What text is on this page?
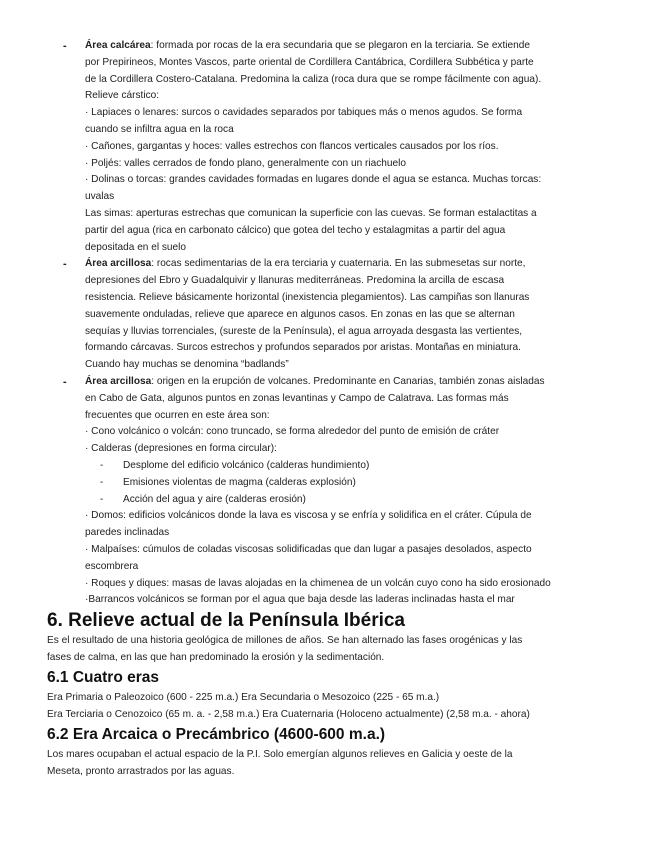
- Área calcárea: formada por rocas de la era secundaria que se plegaron en la terciaria. Se extiende
por Prepirineos, Montes Vascos, parte oriental de Cordillera Cantábrica, Cordillera Subbética y parte
de la Cordillera Costero-Catalana. Predomina la caliza (roca dura que se rompe fácilmente con agua).
Relieve cárstico:
· Lapiaces o lenares: surcos o cavidades separados por tabiques más o menos agudos. Se forma
cuando se infiltra agua en la roca
· Cañones, gargantas y hoces: valles estrechos con flancos verticales causados por los ríos.
· Poljés: valles cerrados de fondo plano, generalmente con un riachuelo
· Dolinas o torcas: grandes cavidades formadas en lugares donde el agua se estanca. Muchas torcas:
uvalas
Las simas: aperturas estrechas que comunican la superficie con las cuevas. Se forman estalactitas a
partir del agua (rica en carbonato cálcico) que gotea del techo y estalagmitas a partir del agua
depositada en el suelo
- Área arcillosa: rocas sedimentarias de la era terciaria y cuaternaria. En las submesetas sur norte,
depresiones del Ebro y Guadalquivir y llanuras mediterráneas. Predomina la arcilla de escasa
resistencia. Relieve básicamente horizontal (inexistencia plegamientos). Las campiñas son llanuras
suavemente onduladas, relieve que aparece en algunos casos. En zonas en las que se alternan
sequías y lluvias torrenciales, (sureste de la Península), el agua arroyada desgasta las vertientes,
formando cárcavas. Surcos estrechos y profundos separados por aristas. Montañas en miniatura.
Cuando hay muchas se denomina “badlands”
- Área arcillosa: origen en la erupción de volcanes. Predominante en Canarias, también zonas aisladas
en Cabo de Gata, algunos puntos en zonas levantinas y Campo de Calatrava. Las formas más
frecuentes que ocurren en este área son:
· Cono volcánico o volcán: cono truncado, se forma alrededor del punto de emisión de cráter
· Calderas (depresiones en forma circular):
- Desplome del edificio volcánico (calderas hundimiento)
- Emisiones violentas de magma (calderas explosión)
- Acción del agua y aire (calderas erosión)
· Domos: edificios volcánicos donde la lava es viscosa y se enfría y solidifica en el cráter. Cúpula de
paredes inclinadas
· Malpaíses: cúmulos de coladas viscosas solidificadas que dan lugar a pasajes desolados, aspecto
escombrera
· Roques y diques: masas de lavas alojadas en la chimenea de un volcán cuyo cono ha sido erosionado
·Barrancos volcánicos se forman por el agua que baja desde las laderas inclinadas hasta el mar
6. Relieve actual de la Península Ibérica
Es el resultado de una historia geológica de millones de años. Se han alternado las fases orogénicas y las
fases de calma, en las que han predominado la erosión y la sedimentación.
6.1 Cuatro eras
Era Primaria o Paleozoico (600 - 225 m.a.) Era Secundaria o Mesozoico (225 - 65 m.a.)
Era Terciaria o Cenozoico (65 m. a. - 2,58 m.a.) Era Cuaternaria (Holoceno actualmente) (2,58 m.a. - ahora)
6.2 Era Arcaica o Precámbrico (4600-600 m.a.)
Los mares ocupaban el actual espacio de la P.I. Solo emergían algunos relieves en Galicia y oeste de la
Meseta, pronto arrastrados por las aguas.
